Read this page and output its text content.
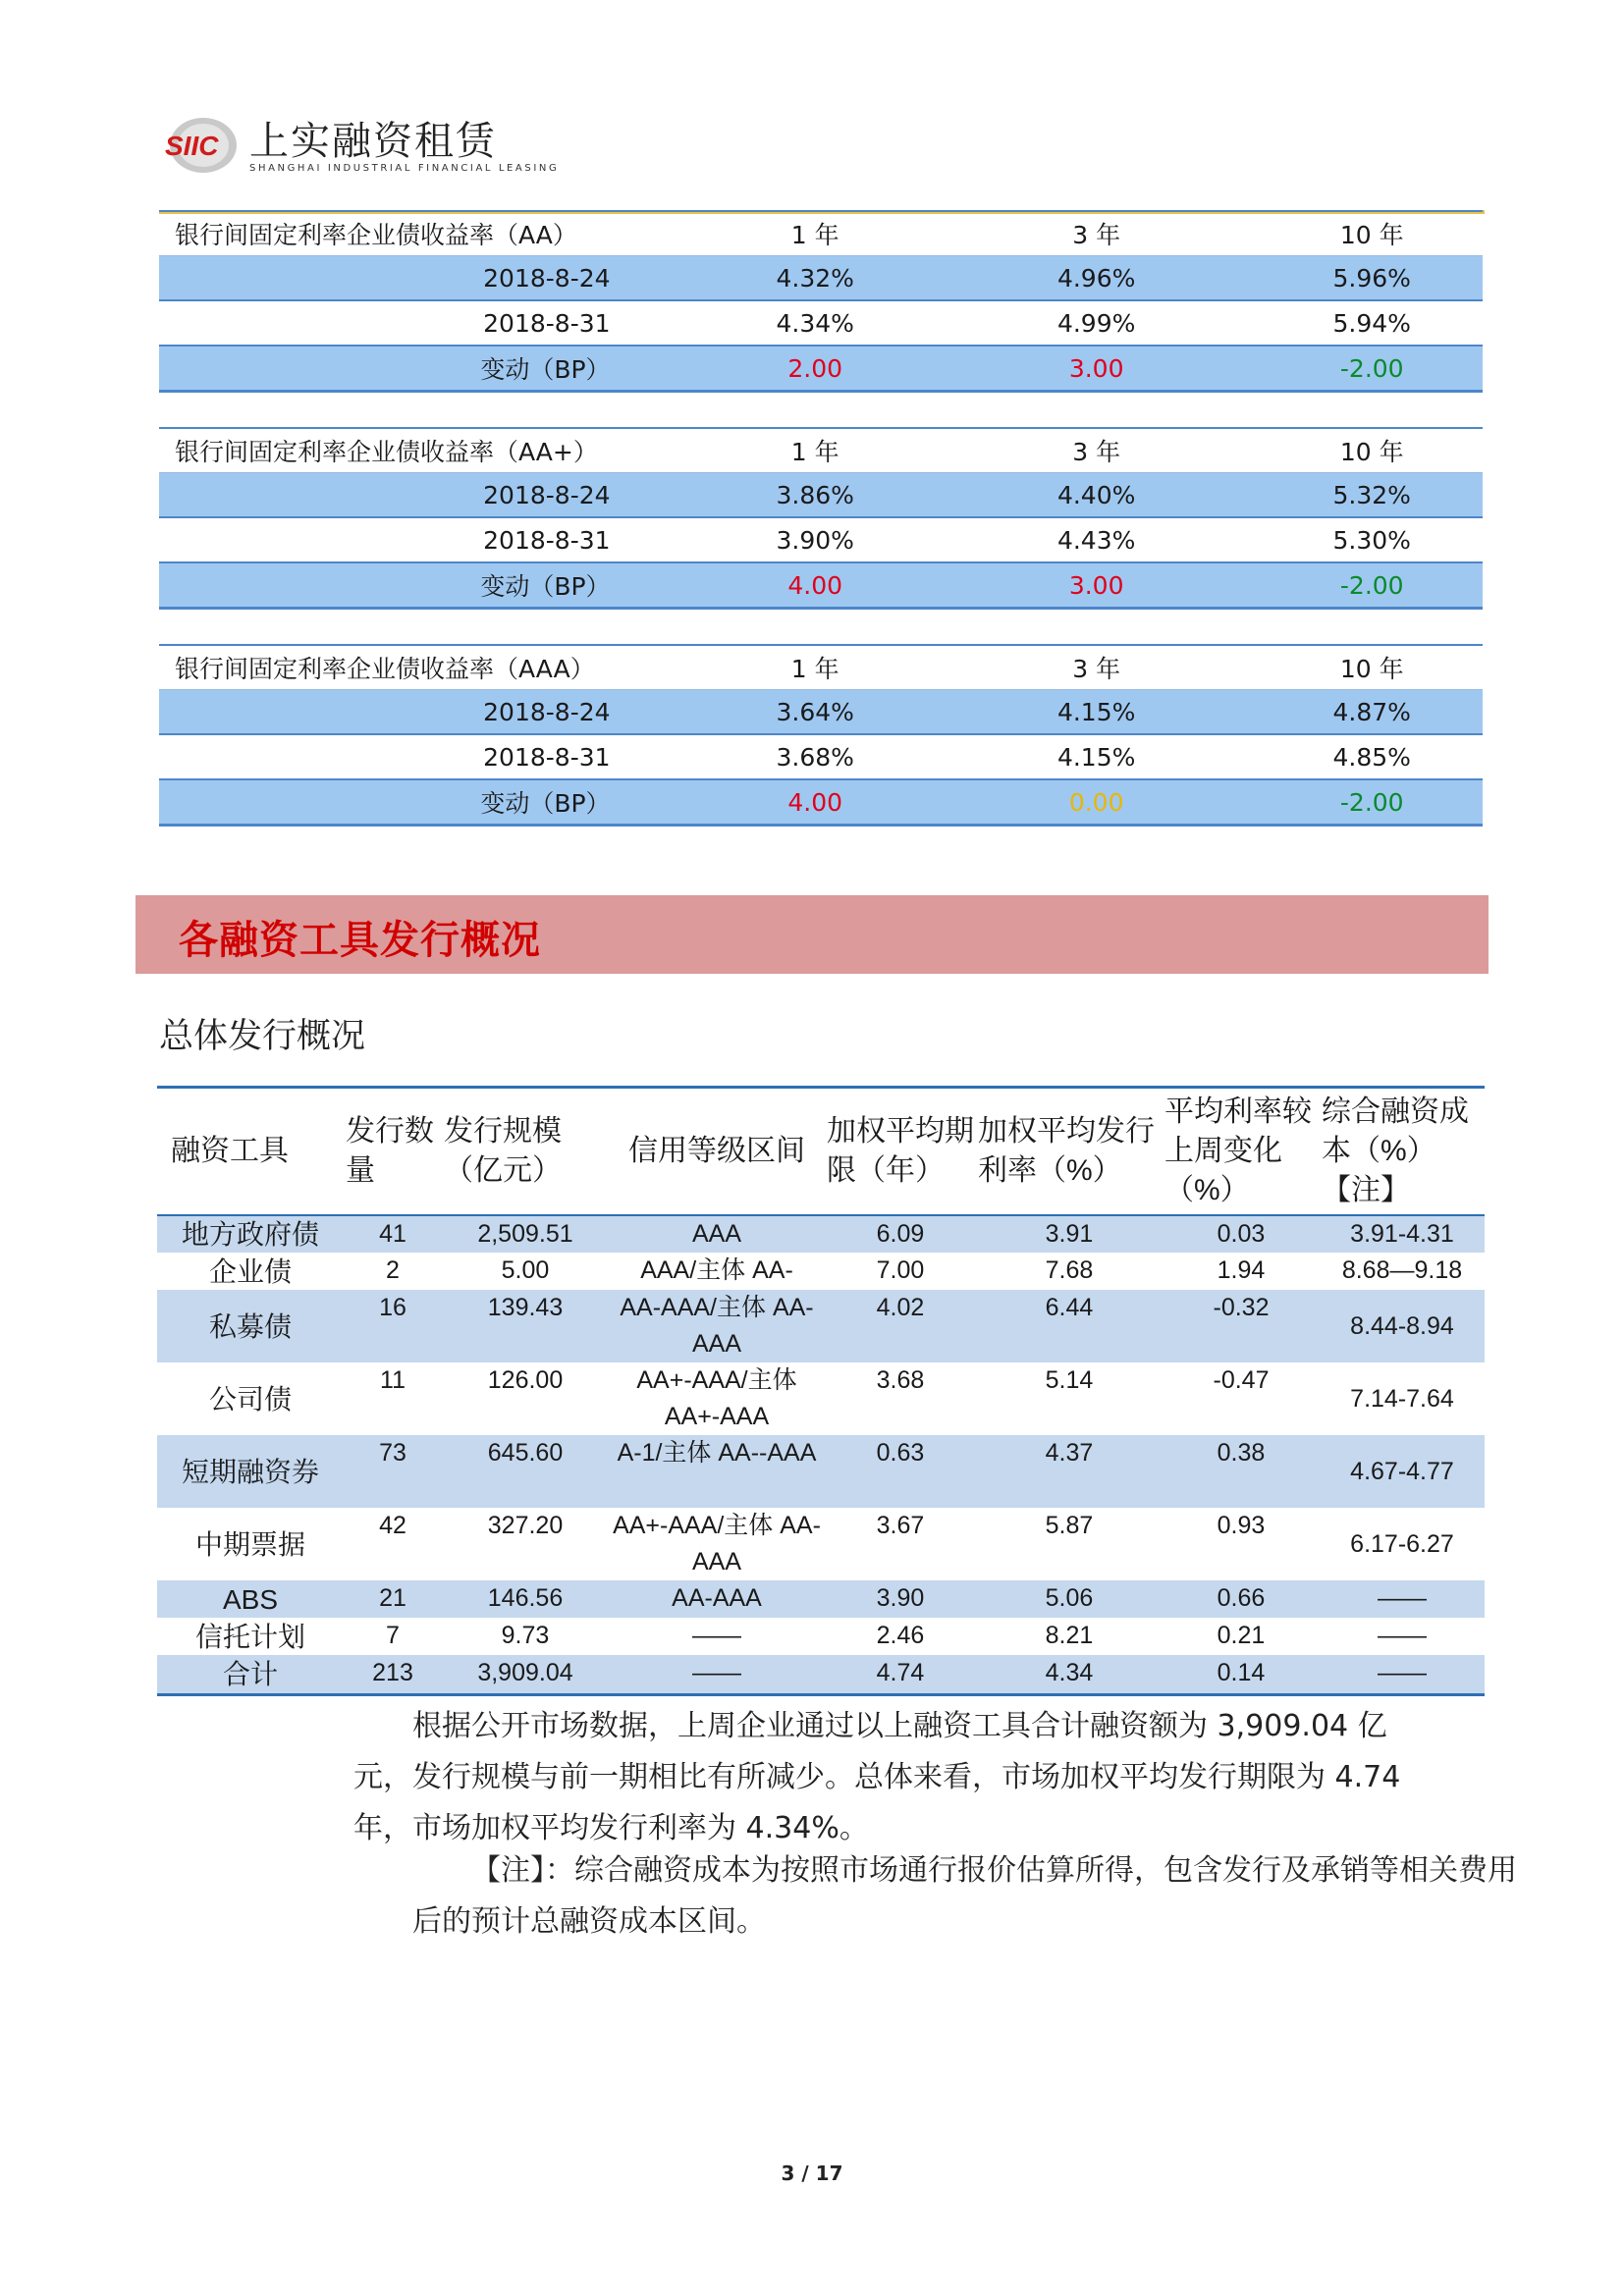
SIIC 上实融资租赁
SHANGHAI INDUSTRIAL FINANCIAL LEASING
银行间固定利率企业债收益率（AA）	1 年	3 年	10 年
2018-8-24	4.32%	4.96%	5.96%
2018-8-31	4.34%	4.99%	5.94%
变动（BP）	2.00	3.00	-2.00
银行间固定利率企业债收益率（AA+）	1 年	3 年	10 年
2018-8-24	3.86%	4.40%	5.32%
2018-8-31	3.90%	4.43%	5.30%
变动（BP）	4.00	3.00	-2.00
银行间固定利率企业债收益率（AAA）	1 年	3 年	10 年
2018-8-24	3.64%	4.15%	4.87%
2018-8-31	3.68%	4.15%	4.85%
变动（BP）	4.00	0.00	-2.00
各融资工具发行概况
总体发行概况
融资工具	发行数量	发行规模（亿元）	信用等级区间	加权平均期限（年）	加权平均发行利率（%）	平均利率较上周变化（%）	综合融资成本（%）【注】
地方政府债	41	2,509.51	AAA	6.09	3.91	0.03	3.91-4.31
企业债	2	5.00	AAA/主体 AA-	7.00	7.68	1.94	8.68—9.18
私募债	16	139.43	AA-AAA/主体 AA-AAA	4.02	6.44	-0.32	8.44-8.94
公司债	11	126.00	AA+-AAA/主体 AA+-AAA	3.68	5.14	-0.47	7.14-7.64
短期融资券	73	645.60	A-1/主体 AA--AAA	0.63	4.37	0.38	4.67-4.77
中期票据	42	327.20	AA+-AAA/主体 AA-AAA	3.67	5.87	0.93	6.17-6.27
ABS	21	146.56	AA-AAA	3.90	5.06	0.66	——
信托计划	7	9.73	——	2.46	8.21	0.21	——
合计	213	3,909.04	——	4.74	4.34	0.14	——

根据公开市场数据，上周企业通过以上融资工具合计融资额为 3,909.04 亿元，发行规模与前一期相比有所减少。总体来看，市场加权平均发行期限为 4.74 年，市场加权平均发行利率为 4.34%。

【注】：综合融资成本为按照市场通行报价估算所得，包含发行及承销等相关费用后的预计总融资成本区间。

3 / 17
